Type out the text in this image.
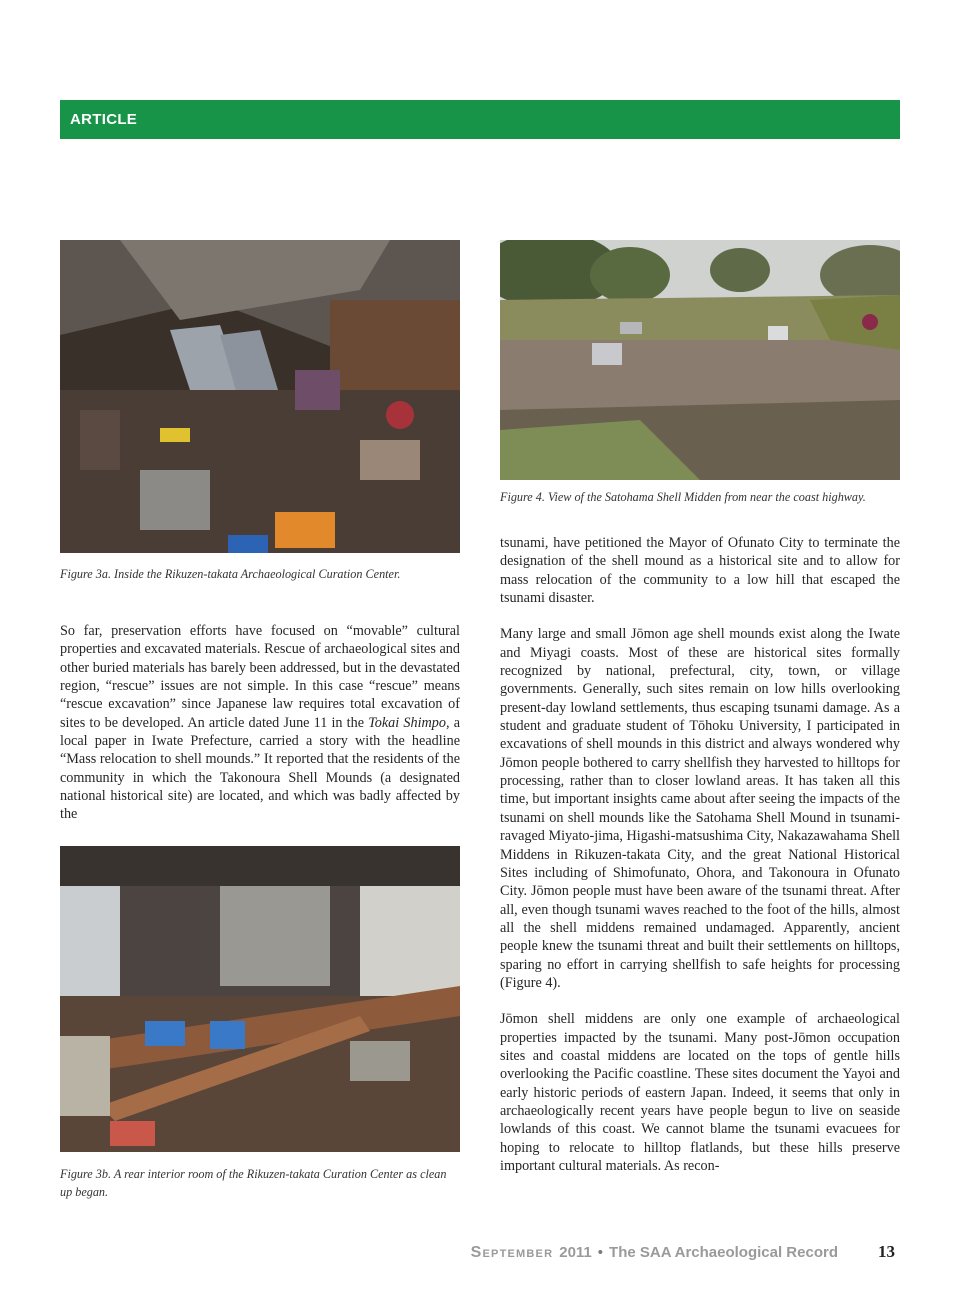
ARTICLE
Figure 3a. Inside the Rikuzen-takata Archaeological Curation Center.

So far, preservation efforts have focused on “movable” cultural properties and excavated materials. Rescue of archaeological sites and other buried materials has barely been addressed, but in the devastated region, “rescue” issues are not simple. In this case “rescue” means “rescue excavation” since Japanese law requires total excavation of sites to be developed. An article dated June 11 in the Tokai Shimpo, a local paper in Iwate Prefecture, carried a story with the headline “Mass relocation to shell mounds.” It reported that the residents of the community in which the Takonoura Shell Mounds (a designated national historical site) are located, and which was badly affected by the

Figure 3b. A rear interior room of the Rikuzen-takata Curation Center as clean up began.
Figure 4. View of the Satohama Shell Midden from near the coast highway.

tsunami, have petitioned the Mayor of Ofunato City to terminate the designation of the shell mound as a historical site and to allow for mass relocation of the community to a low hill that escaped the tsunami disaster.

Many large and small Jōmon age shell mounds exist along the Iwate and Miyagi coasts. Most of these are historical sites formally recognized by national, prefectural, city, town, or village governments. Generally, such sites remain on low hills overlooking present-day lowland settlements, thus escaping tsunami damage. As a student and graduate student of Tōhoku University, I participated in excavations of shell mounds in this district and always wondered why Jōmon people bothered to carry shellfish they harvested to hilltops for processing, rather than to closer lowland areas. It has taken all this time, but important insights came about after seeing the impacts of the tsunami on shell mounds like the Satohama Shell Mound in tsunami-ravaged Miyato-jima, Higashi-matsushima City, Nakazawahama Shell Middens in Rikuzen-takata City, and the great National Historical Sites including of Shimofunato, Ohora, and Takonoura in Ofunato City. Jōmon people must have been aware of the tsunami threat. After all, even though tsunami waves reached to the foot of the hills, almost all the shell middens remained undamaged. Apparently, ancient people knew the tsunami threat and built their settlements on hilltops, sparing no effort in carrying shellfish to safe heights for processing (Figure 4).

Jōmon shell middens are only one example of archaeological properties impacted by the tsunami. Many post-Jōmon occupation sites and coastal middens are located on the tops of gentle hills overlooking the Pacific coastline. These sites document the Yayoi and early historic periods of eastern Japan. Indeed, it seems that only in archaeologically recent years have people begun to live on seaside lowlands of this coast. We cannot blame the tsunami evacuees for hoping to relocate to hilltop flatlands, but these hills preserve important cultural materials. As recon-

September 2011 • The SAA Archaeological Record 13
